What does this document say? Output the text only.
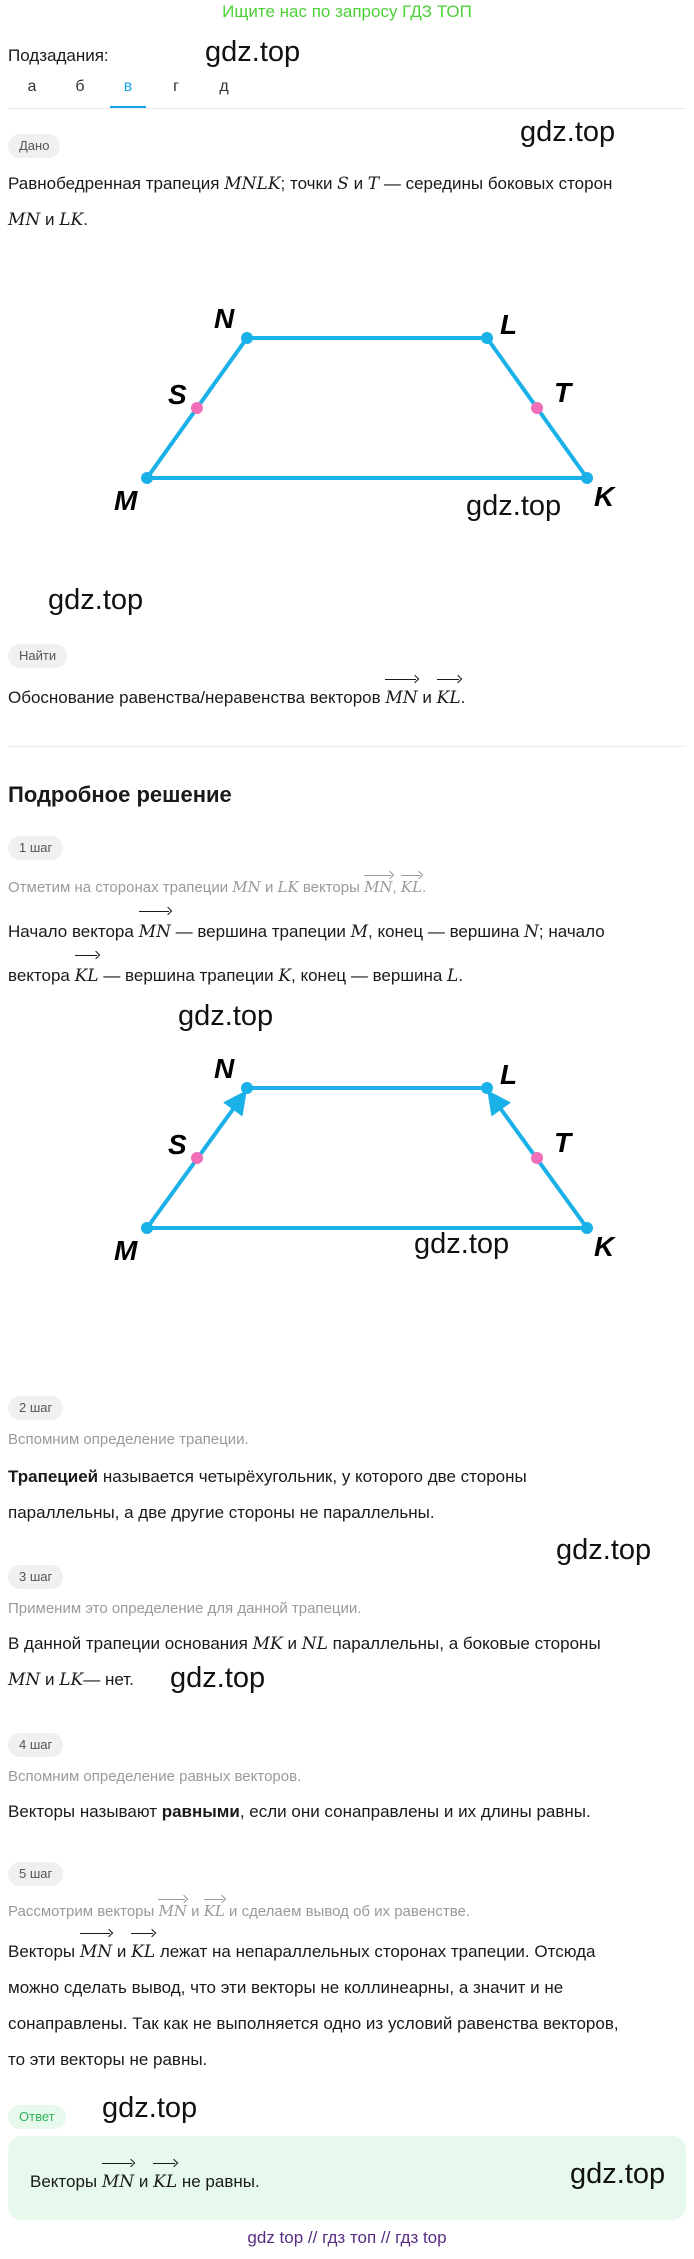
Ищите нас по запросу ГДЗ ТОП
Подзадания:	gdz.top
а	б	в	г	д
Дано	gdz.top
Равнобедренная трапеция MNLK; точки S и T — середины боковых сторон
MN и LK.
N	L
S	T
M	K
gdz.top
gdz.top
Найти
Обоснование равенства/неравенства векторов MN и KL.
Подробное решение
1 шаг
Отметим на сторонах трапеции MN и LK векторы MN, KL.
Начало вектора MN — вершина трапеции M, конец — вершина N; начало
вектора KL — вершина трапеции K, конец — вершина L.
gdz.top
N	L
S	T
M	K
gdz.top
2 шаг
Вспомним определение трапеции.
Трапецией называется четырёхугольник, у которого две стороны
параллельны, а две другие стороны не параллельны.
gdz.top
3 шаг
Применим это определение для данной трапеции.
В данной трапеции основания MK и NL параллельны, а боковые стороны
MN и LK— нет.	gdz.top
4 шаг
Вспомним определение равных векторов.
Векторы называют равными, если они сонаправлены и их длины равны.
5 шаг
Рассмотрим векторы MN и KL и сделаем вывод об их равенстве.
Векторы MN и KL лежат на непараллельных сторонах трапеции. Отсюда
можно сделать вывод, что эти векторы не коллинеарны, а значит и не
сонаправлены. Так как не выполняется одно из условий равенства векторов,
то эти векторы не равны.
Ответ	gdz.top
Векторы MN и KL не равны.	gdz.top
gdz top // гдз топ // гдз top
